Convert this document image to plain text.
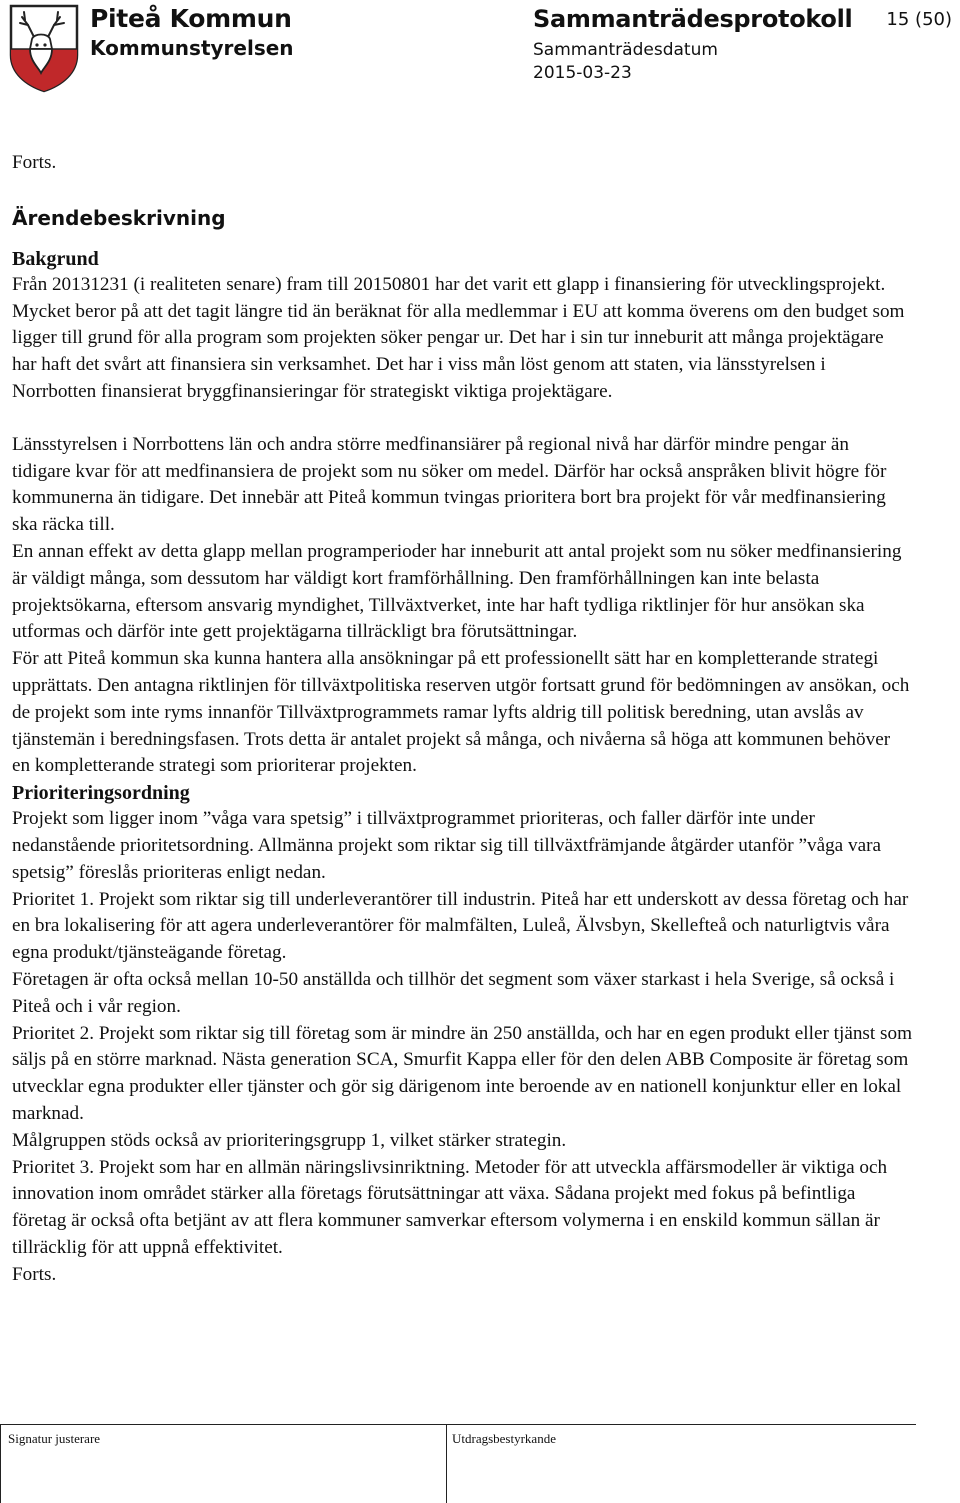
Piteå Kommun
Kommunstyrelsen
Sammanträdesprotokoll
Sammanträdesdatum
2015-03-23
15 (50)

Forts.

Ärendebeskrivning

Bakgrund

Från 20131231 (i realiteten senare) fram till 20150801 har det varit ett glapp i finansiering för utvecklingsprojekt. Mycket beror på att det tagit längre tid än beräknat för alla medlemmar i EU att komma överens om den budget som ligger till grund för alla program som projekten söker pengar ur. Det har i sin tur inneburit att många projektägare har haft det svårt att finansiera sin verksamhet. Det har i viss mån löst genom att staten, via länsstyrelsen i Norrbotten finansierat bryggfinansieringar för strategiskt viktiga projektägare.

Länsstyrelsen i Norrbottens län och andra större medfinansiärer på regional nivå har därför mindre pengar än tidigare kvar för att medfinansiera de projekt som nu söker om medel. Därför har också anspråken blivit högre för kommunerna än tidigare. Det innebär att Piteå kommun tvingas prioritera bort bra projekt för vår medfinansiering ska räcka till.

En annan effekt av detta glapp mellan programperioder har inneburit att antal projekt som nu söker medfinansiering är väldigt många, som dessutom har väldigt kort framförhållning. Den framförhållningen kan inte belasta projektsökarna, eftersom ansvarig myndighet, Tillväxtverket, inte har haft tydliga riktlinjer för hur ansökan ska utformas och därför inte gett projektägarna tillräckligt bra förutsättningar.

För att Piteå kommun ska kunna hantera alla ansökningar på ett professionellt sätt har en kompletterande strategi upprättats. Den antagna riktlinjen för tillväxtpolitiska reserven utgör fortsatt grund för bedömningen av ansökan, och de projekt som inte ryms innanför Tillväxtprogrammets ramar lyfts aldrig till politisk beredning, utan avslås av tjänstemän i beredningsfasen. Trots detta är antalet projekt så många, och nivåerna så höga att kommunen behöver en kompletterande strategi som prioriterar projekten.

Prioriteringsordning

Projekt som ligger inom ”våga vara spetsig” i tillväxtprogrammet prioriteras, och faller därför inte under nedanstående prioritetsordning. Allmänna projekt som riktar sig till tillväxtfrämjande åtgärder utanför ”våga vara spetsig” föreslås prioriteras enligt nedan.

Prioritet 1. Projekt som riktar sig till underleverantörer till industrin. Piteå har ett underskott av dessa företag och har en bra lokalisering för att agera underleverantörer för malmfälten, Luleå, Älvsbyn, Skellefteå och naturligtvis våra egna produkt/tjänsteägande företag.

Företagen är ofta också mellan 10-50 anställda och tillhör det segment som växer starkast i hela Sverige, så också i Piteå och i vår region.

Prioritet 2. Projekt som riktar sig till företag som är mindre än 250 anställda, och har en egen produkt eller tjänst som säljs på en större marknad. Nästa generation SCA, Smurfit Kappa eller för den delen ABB Composite är företag som utvecklar egna produkter eller tjänster och gör sig därigenom inte beroende av en nationell konjunktur eller en lokal marknad.

Målgruppen stöds också av prioriteringsgrupp 1, vilket stärker strategin.

Prioritet 3. Projekt som har en allmän näringslivsinriktning. Metoder för att utveckla affärsmodeller är viktiga och innovation inom området stärker alla företags förutsättningar att växa. Sådana projekt med fokus på befintliga företag är också ofta betjänt av att flera kommuner samverkar eftersom volymerna i en enskild kommun sällan är tillräcklig för att uppnå effektivitet.

Forts.

Signatur justerare	Utdragsbestyrkande
